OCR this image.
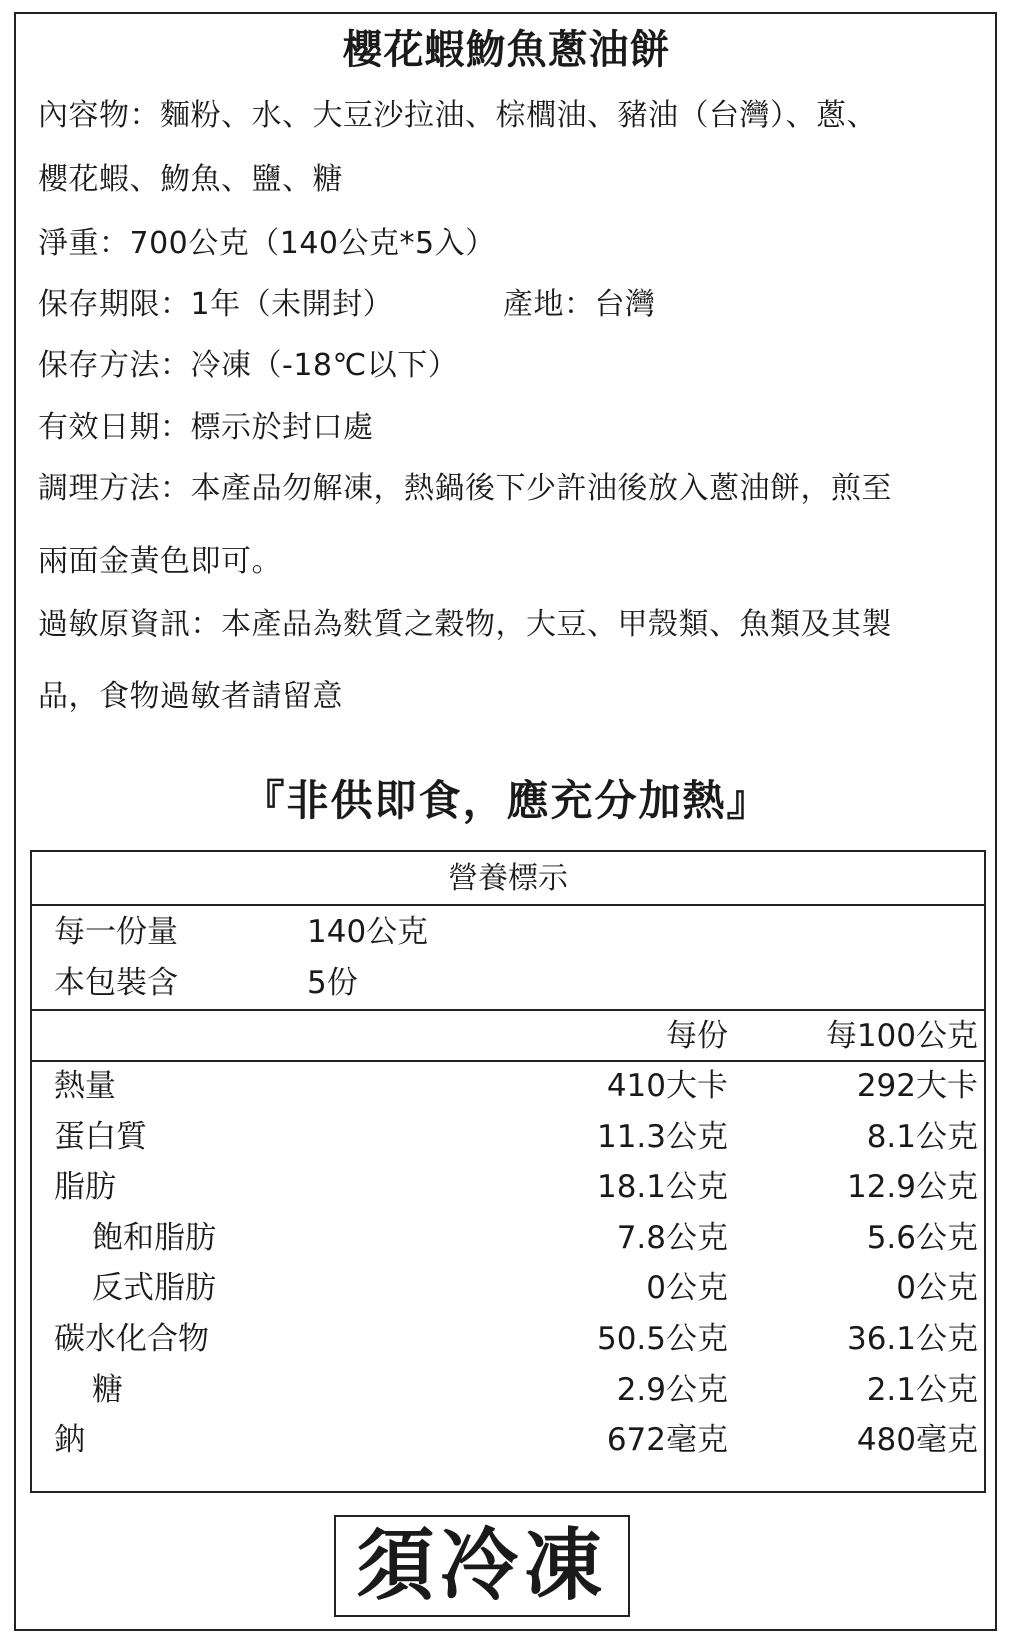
櫻花蝦魩魚蔥油餅
內容物：麵粉、水、大豆沙拉油、棕櫚油、豬油（台灣）、蔥、
櫻花蝦、魩魚、鹽、糖
淨重：700公克（140公克*5入）
保存期限：1年（未開封）	產地：台灣
保存方法：冷凍（-18℃以下）
有效日期：標示於封口處
調理方法：本產品勿解凍，熱鍋後下少許油後放入蔥油餅，煎至
兩面金黃色即可。
過敏原資訊：本產品為麩質之穀物，大豆、甲殼類、魚類及其製
品，食物過敏者請留意
『非供即食，應充分加熱』
營養標示
每一份量	140公克
本包裝含	5份
每份	每100公克
熱量	410大卡	292大卡
蛋白質	11.3公克	8.1公克
脂肪	18.1公克	12.9公克
飽和脂肪	7.8公克	5.6公克
反式脂肪	0公克	0公克
碳水化合物	50.5公克	36.1公克
糖	2.9公克	2.1公克
鈉	672毫克	480毫克
須冷凍
